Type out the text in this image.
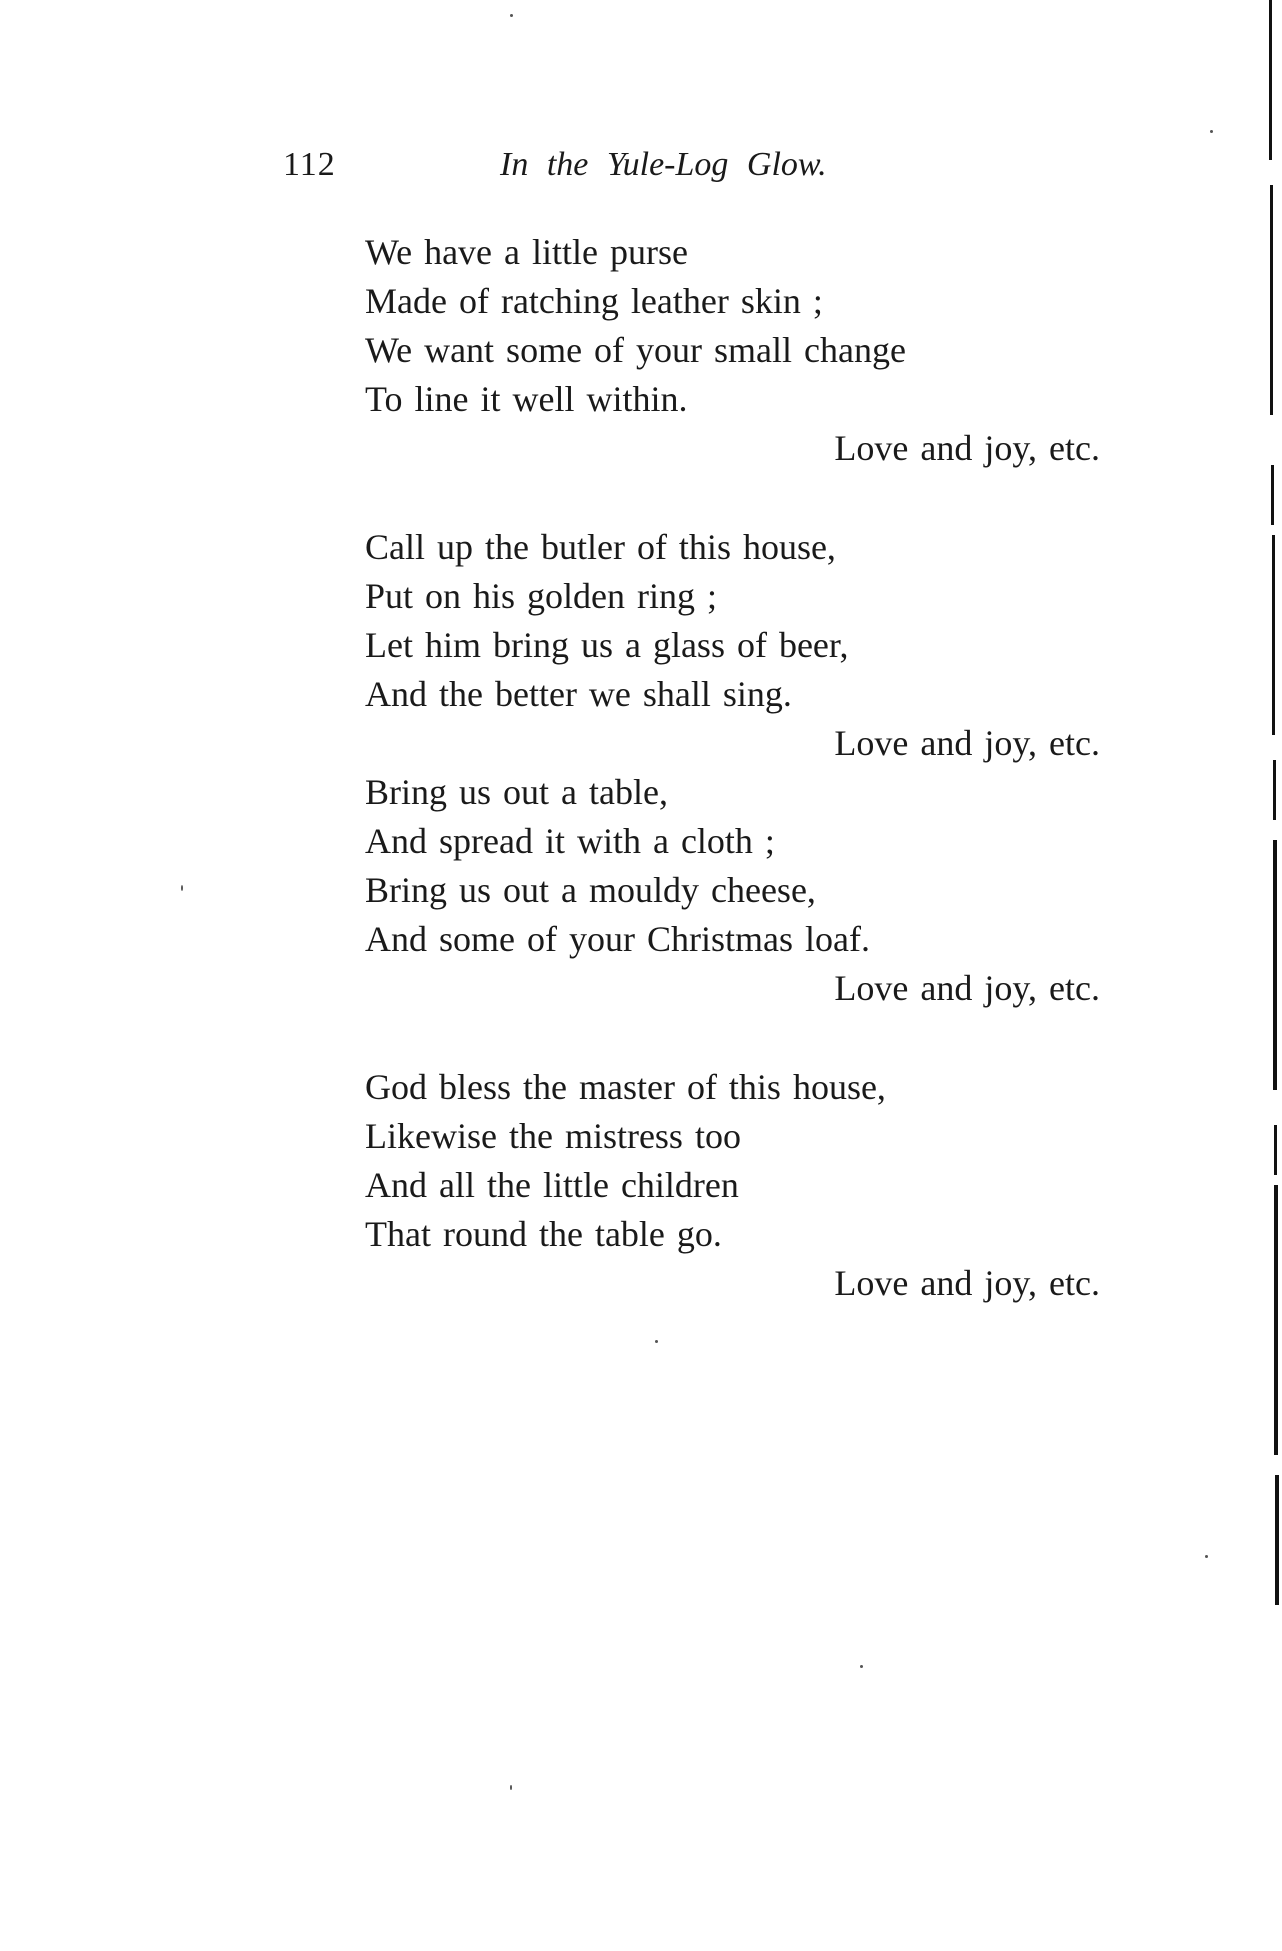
112	In the Yule-Log Glow.
We have a little purse
Made of ratching leather skin ;
We want some of your small change
To line it well within.
Love and joy, etc.
Call up the butler of this house,
Put on his golden ring ;
Let him bring us a glass of beer,
And the better we shall sing.
Love and joy, etc.
Bring us out a table,
And spread it with a cloth ;
Bring us out a mouldy cheese,
And some of your Christmas loaf.
Love and joy, etc.
God bless the master of this house,
Likewise the mistress too
And all the little children
That round the table go.
Love and joy, etc.
